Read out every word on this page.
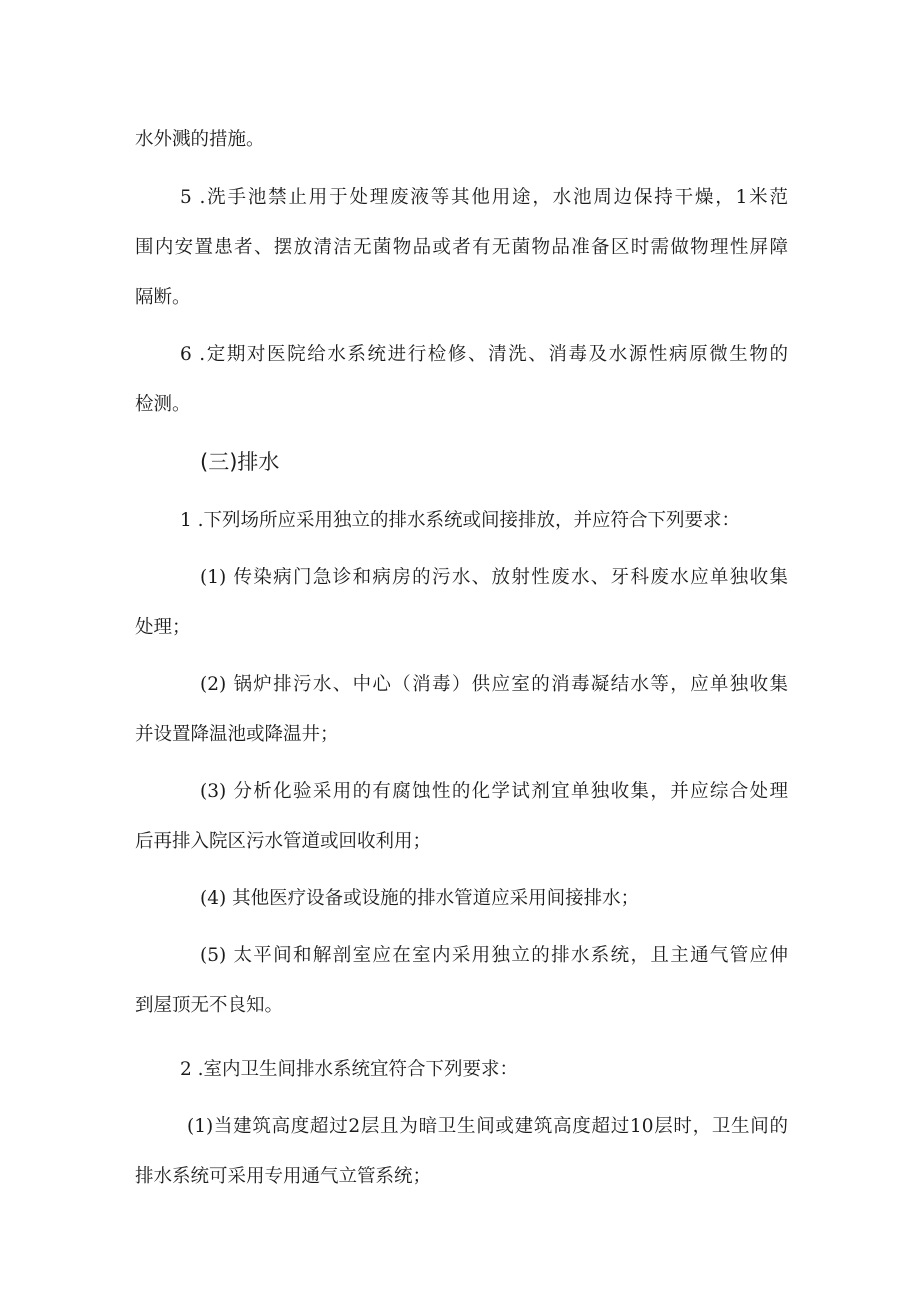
水外溅的措施。
5 .洗手池禁止用于处理废液等其他用途，水池周边保持干燥，1米范
围内安置患者、摆放清洁无菌物品或者有无菌物品准备区时需做物理性屏障
隔断。
6 .定期对医院给水系统进行检修、清洗、消毒及水源性病原微生物的
检测。
(三)排水
1 .下列场所应采用独立的排水系统或间接排放，并应符合下列要求：
(1) 传染病门急诊和病房的污水、放射性废水、牙科废水应单独收集
处理；
(2) 锅炉排污水、中心（消毒）供应室的消毒凝结水等，应单独收集
并设置降温池或降温井；
(3) 分析化验采用的有腐蚀性的化学试剂宜单独收集，并应综合处理
后再排入院区污水管道或回收利用；
(4) 其他医疗设备或设施的排水管道应采用间接排水；
(5) 太平间和解剖室应在室内采用独立的排水系统，且主通气管应伸
到屋顶无不良知。
2 .室内卫生间排水系统宜符合下列要求：
(1)当建筑高度超过2层且为暗卫生间或建筑高度超过10层时，卫生间的
排水系统可采用专用通气立管系统；
